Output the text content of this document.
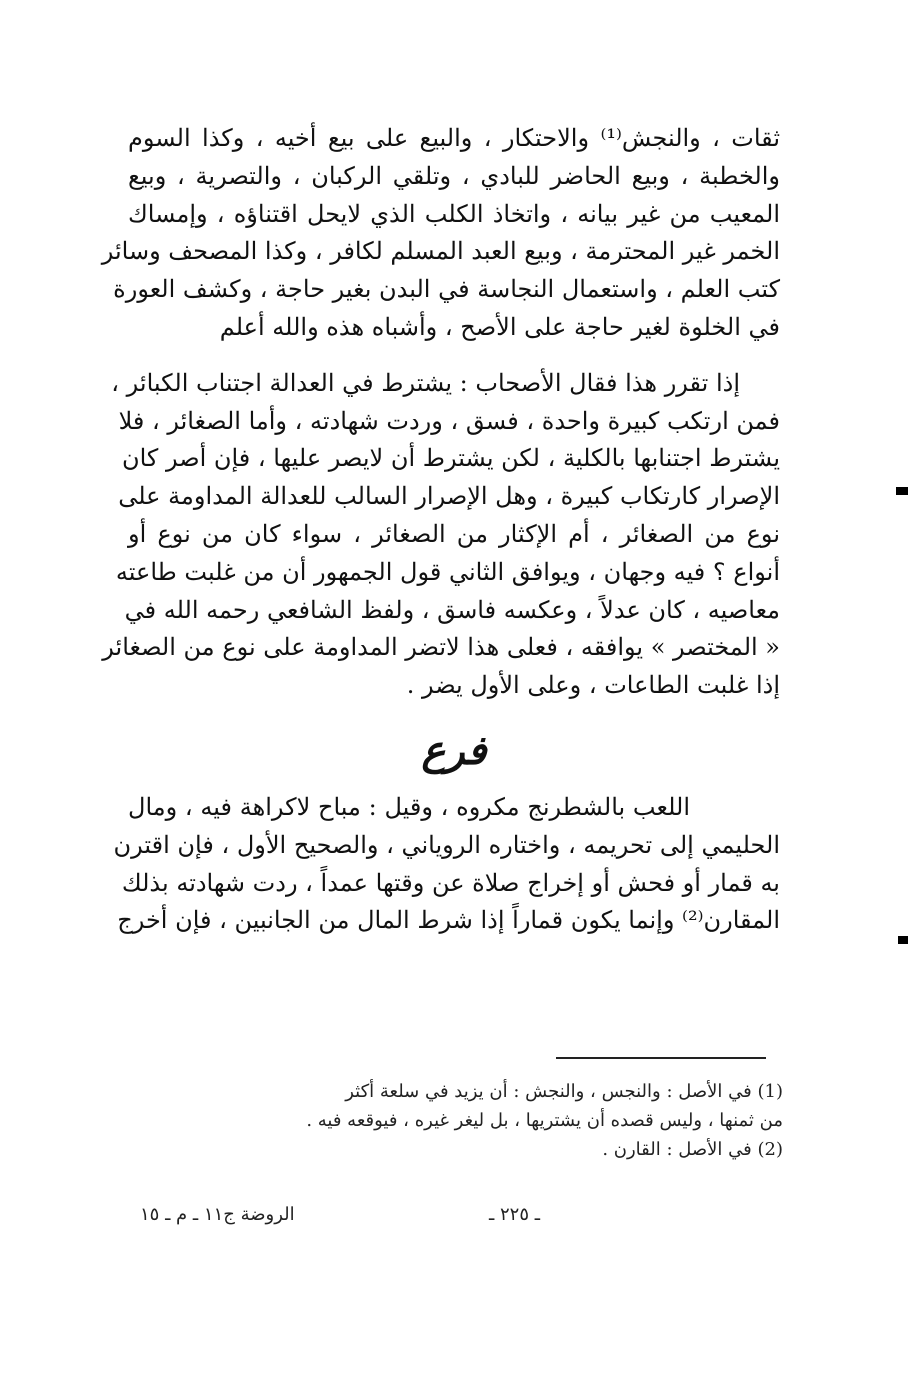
ثقات ، والنجش⁽¹⁾ والاحتكار ، والبيع على بيع أخيه ، وكذا السوم
والخطبة ، وبيع الحاضر للبادي ، وتلقي الركبان ، والتصرية ، وبيع
المعيب من غير بيانه ، واتخاذ الكلب الذي لايحل اقتناؤه ، وإمساك
الخمر غير المحترمة ، وبيع العبد المسلم لكافر ، وكذا المصحف وسائر
كتب العلم ، واستعمال النجاسة في البدن بغير حاجة ، وكشف العورة
في الخلوة لغير حاجة على الأصح ، وأشباه هذه والله أعلم
إذا تقرر هذا فقال الأصحاب : يشترط في العدالة اجتناب الكبائر ،
فمن ارتكب كبيرة واحدة ، فسق ، وردت شهادته ، وأما الصغائر ، فلا
يشترط اجتنابها بالكلية ، لكن يشترط أن لايصر عليها ، فإن أصر كان
الإصرار كارتكاب كبيرة ، وهل الإصرار السالب للعدالة المداومة على
نوع من الصغائر ، أم الإكثار من الصغائر ، سواء كان من نوع أو
أنواع ؟ فيه وجهان ، ويوافق الثاني قول الجمهور أن من غلبت طاعته
معاصيه ، كان عدلاً ، وعكسه فاسق ، ولفظ الشافعي رحمه الله في
« المختصر » يوافقه ، فعلى هذا لاتضر المداومة على نوع من الصغائر
إذا غلبت الطاعات ، وعلى الأول يضر .
فرع
اللعب بالشطرنج مكروه ، وقيل : مباح لاكراهة فيه ، ومال
الحليمي إلى تحريمه ، واختاره الروياني ، والصحيح الأول ، فإن اقترن
به قمار أو فحش أو إخراج صلاة عن وقتها عمداً ، ردت شهادته بذلك
المقارن⁽²⁾ وإنما يكون قماراً إذا شرط المال من الجانبين ، فإن أخرج
(1) في الأصل : والنجس ، والنجش : أن يزيد في سلعة أكثر
من ثمنها ، وليس قصده أن يشتريها ، بل ليغر غيره ، فيوقعه فيه .
(2) في الأصل : القارن .
ـ ٢٢٥ ـ
الروضة ج١١ ـ م ـ ١٥
